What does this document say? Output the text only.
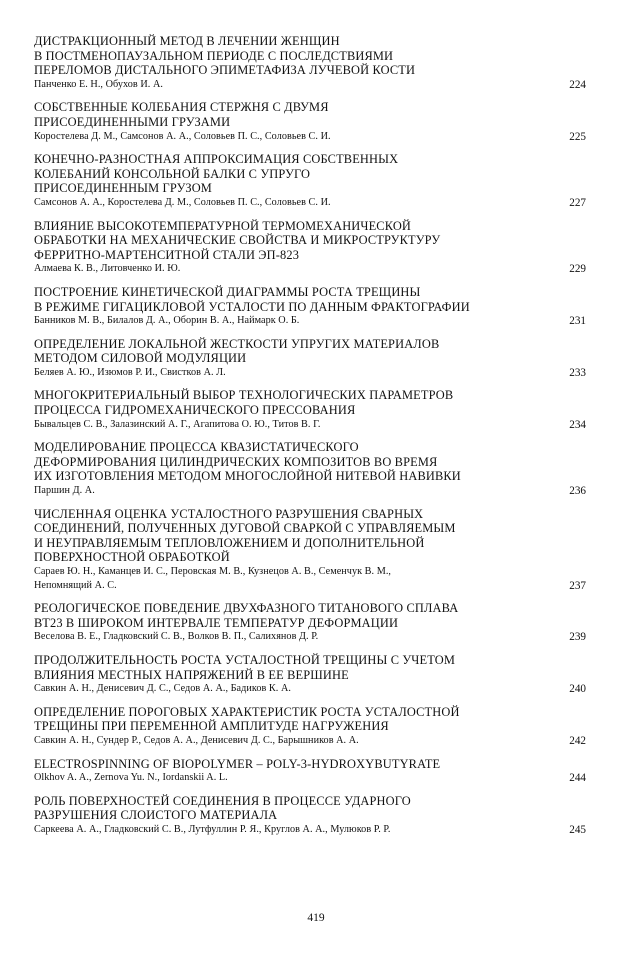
ДИСТРАКЦИОННЫЙ МЕТОД В ЛЕЧЕНИИ ЖЕНЩИН
В ПОСТМЕНОПАУЗАЛЬНОМ ПЕРИОДЕ С ПОСЛЕДСТВИЯМИ
ПЕРЕЛОМОВ ДИСТАЛЬНОГО ЭПИМЕТАФИЗА ЛУЧЕВОЙ КОСТИ
Панченко Е. Н., Обухов И. А.	224
СОБСТВЕННЫЕ КОЛЕБАНИЯ СТЕРЖНЯ С ДВУМЯ
ПРИСОЕДИНЕННЫМИ ГРУЗАМИ
Коростелева Д. М., Самсонов А. А., Соловьев П. С., Соловьев С. И.	225
КОНЕЧНО-РАЗНОСТНАЯ АППРОКСИМАЦИЯ СОБСТВЕННЫХ
КОЛЕБАНИЙ КОНСОЛЬНОЙ БАЛКИ С УПРУГО
ПРИСОЕДИНЕННЫМ ГРУЗОМ
Самсонов А. А., Коростелева Д. М., Соловьев П. С., Соловьев С. И.	227
ВЛИЯНИЕ ВЫСОКОТЕМПЕРАТУРНОЙ ТЕРМОМЕХАНИЧЕСКОЙ
ОБРАБОТКИ НА МЕХАНИЧЕСКИЕ СВОЙСТВА И МИКРОСТРУКТУРУ
ФЕРРИТНО-МАРТЕНСИТНОЙ СТАЛИ ЭП-823
Алмаева К. В., Литовченко И. Ю.	229
ПОСТРОЕНИЕ КИНЕТИЧЕСКОЙ ДИАГРАММЫ РОСТА ТРЕЩИНЫ
В РЕЖИМЕ ГИГАЦИКЛОВОЙ УСТАЛОСТИ ПО ДАННЫМ ФРАКТОГРАФИИ
Банников М. В., Билалов Д. А., Оборин В. А., Наймарк О. Б.	231
ОПРЕДЕЛЕНИЕ ЛОКАЛЬНОЙ ЖЕСТКОСТИ УПРУГИХ МАТЕРИАЛОВ
МЕТОДОМ СИЛОВОЙ МОДУЛЯЦИИ
Беляев А. Ю., Изюмов Р. И., Свистков А. Л.	233
МНОГОКРИТЕРИАЛЬНЫЙ ВЫБОР ТЕХНОЛОГИЧЕСКИХ ПАРАМЕТРОВ
ПРОЦЕССА ГИДРОМЕХАНИЧЕСКОГО ПРЕССОВАНИЯ
Бывальцев С. В., Залазинский А. Г., Агапитова О. Ю., Титов В. Г.	234
МОДЕЛИРОВАНИЕ ПРОЦЕССА КВАЗИСТАТИЧЕСКОГО
ДЕФОРМИРОВАНИЯ ЦИЛИНДРИЧЕСКИХ КОМПОЗИТОВ ВО ВРЕМЯ
ИХ ИЗГОТОВЛЕНИЯ МЕТОДОМ МНОГОСЛОЙНОЙ НИТЕВОЙ НАВИВКИ
Паршин Д. А.	236
ЧИСЛЕННАЯ ОЦЕНКА УСТАЛОСТНОГО РАЗРУШЕНИЯ СВАРНЫХ
СОЕДИНЕНИЙ, ПОЛУЧЕННЫХ ДУГОВОЙ СВАРКОЙ С УПРАВЛЯЕМЫМ
И НЕУПРАВЛЯЕМЫМ ТЕПЛОВЛОЖЕНИЕМ И ДОПОЛНИТЕЛЬНОЙ
ПОВЕРХНОСТНОЙ ОБРАБОТКОЙ
Сараев Ю. Н., Каманцев И. С., Перовская М. В., Кузнецов А. В., Семенчук В. М.,
Непомнящий А. С.	237
РЕОЛОГИЧЕСКОЕ ПОВЕДЕНИЕ ДВУХФАЗНОГО ТИТАНОВОГО СПЛАВА
ВТ23 В ШИРОКОМ ИНТЕРВАЛЕ ТЕМПЕРАТУР ДЕФОРМАЦИИ
Веселова В. Е., Гладковский С. В., Волков В. П., Салихянов Д. Р.	239
ПРОДОЛЖИТЕЛЬНОСТЬ РОСТА УСТАЛОСТНОЙ ТРЕЩИНЫ С УЧЕТОМ
ВЛИЯНИЯ МЕСТНЫХ НАПРЯЖЕНИЙ В ЕЕ ВЕРШИНЕ
Савкин А. Н., Денисевич Д. С., Седов А. А., Бадиков К. А.	240
ОПРЕДЕЛЕНИЕ ПОРОГОВЫХ ХАРАКТЕРИСТИК РОСТА УСТАЛОСТНОЙ
ТРЕЩИНЫ ПРИ ПЕРЕМЕННОЙ АМПЛИТУДЕ НАГРУЖЕНИЯ
Савкин А. Н., Сундер Р., Седов А. А., Денисевич Д. С., Барышников А. А.	242
ELECTROSPINNING OF BIOPOLYMER – POLY-3-HYDROXYBUTYRATE
Olkhov A. A., Zernova Yu. N., Iordanskii A. L.	244
РОЛЬ ПОВЕРХНОСТЕЙ СОЕДИНЕНИЯ В ПРОЦЕССЕ УДАРНОГО
РАЗРУШЕНИЯ СЛОИСТОГО МАТЕРИАЛА
Саркеева А. А., Гладковский С. В., Лутфуллин Р. Я., Круглов А. А., Мулюков Р. Р.	245
419
